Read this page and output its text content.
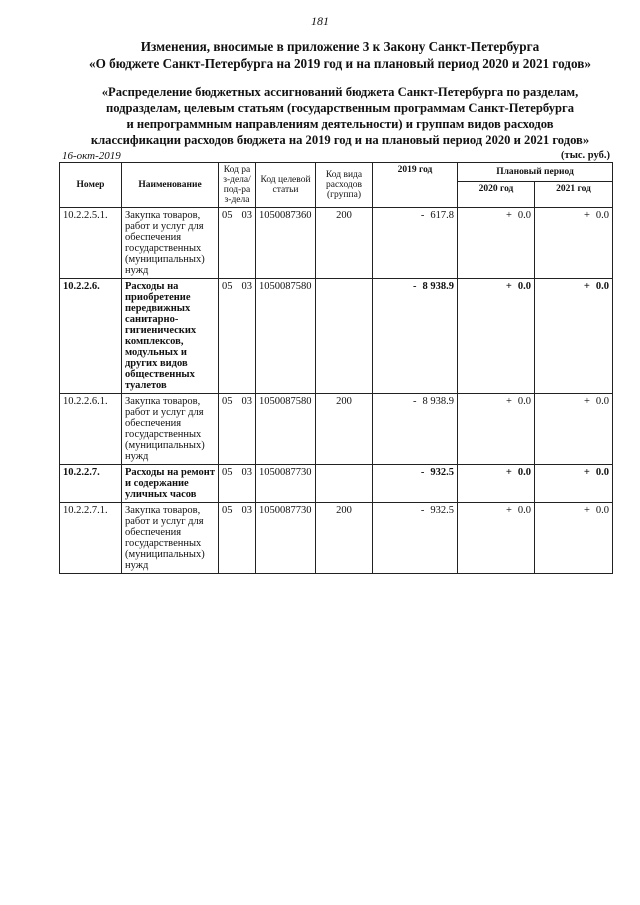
181
Изменения, вносимые в приложение 3 к Закону Санкт-Петербурга
«О бюджете Санкт-Петербурга на 2019 год и на плановый период 2020 и 2021 годов»
«Распределение бюджетных ассигнований бюджета Санкт-Петербурга по разделам,
подразделам, целевым статьям (государственным программам Санкт-Петербурга
и непрограммным направлениям деятельности) и группам видов расходов
классификации расходов бюджета на 2019 год и на плановый период 2020 и 2021 годов»
16-окт-2019	(тыс. руб.)
Номер	Наименование	Код раз-дела/ под-раз-дела	Код целевой статьи	Код вида расходов (группа)	2019 год	Плановый период	
						2020 год	2021 год
10.2.2.5.1.	Закупка товаров, работ и услуг для обеспечения государственных (муниципальных) нужд	05 03	1050087360	200	- 617.8	+ 0.0	+ 0.0
10.2.2.6.	Расходы на приобретение передвижных санитарно-гигиенических комплексов, модульных и других видов общественных туалетов	05 03	1050087580		- 8 938.9	+ 0.0	+ 0.0
10.2.2.6.1.	Закупка товаров, работ и услуг для обеспечения государственных (муниципальных) нужд	05 03	1050087580	200	- 8 938.9	+ 0.0	+ 0.0
10.2.2.7.	Расходы на ремонт и содержание уличных часов	05 03	1050087730		- 932.5	+ 0.0	+ 0.0
10.2.2.7.1.	Закупка товаров, работ и услуг для обеспечения государственных (муниципальных) нужд	05 03	1050087730	200	- 932.5	+ 0.0	+ 0.0
